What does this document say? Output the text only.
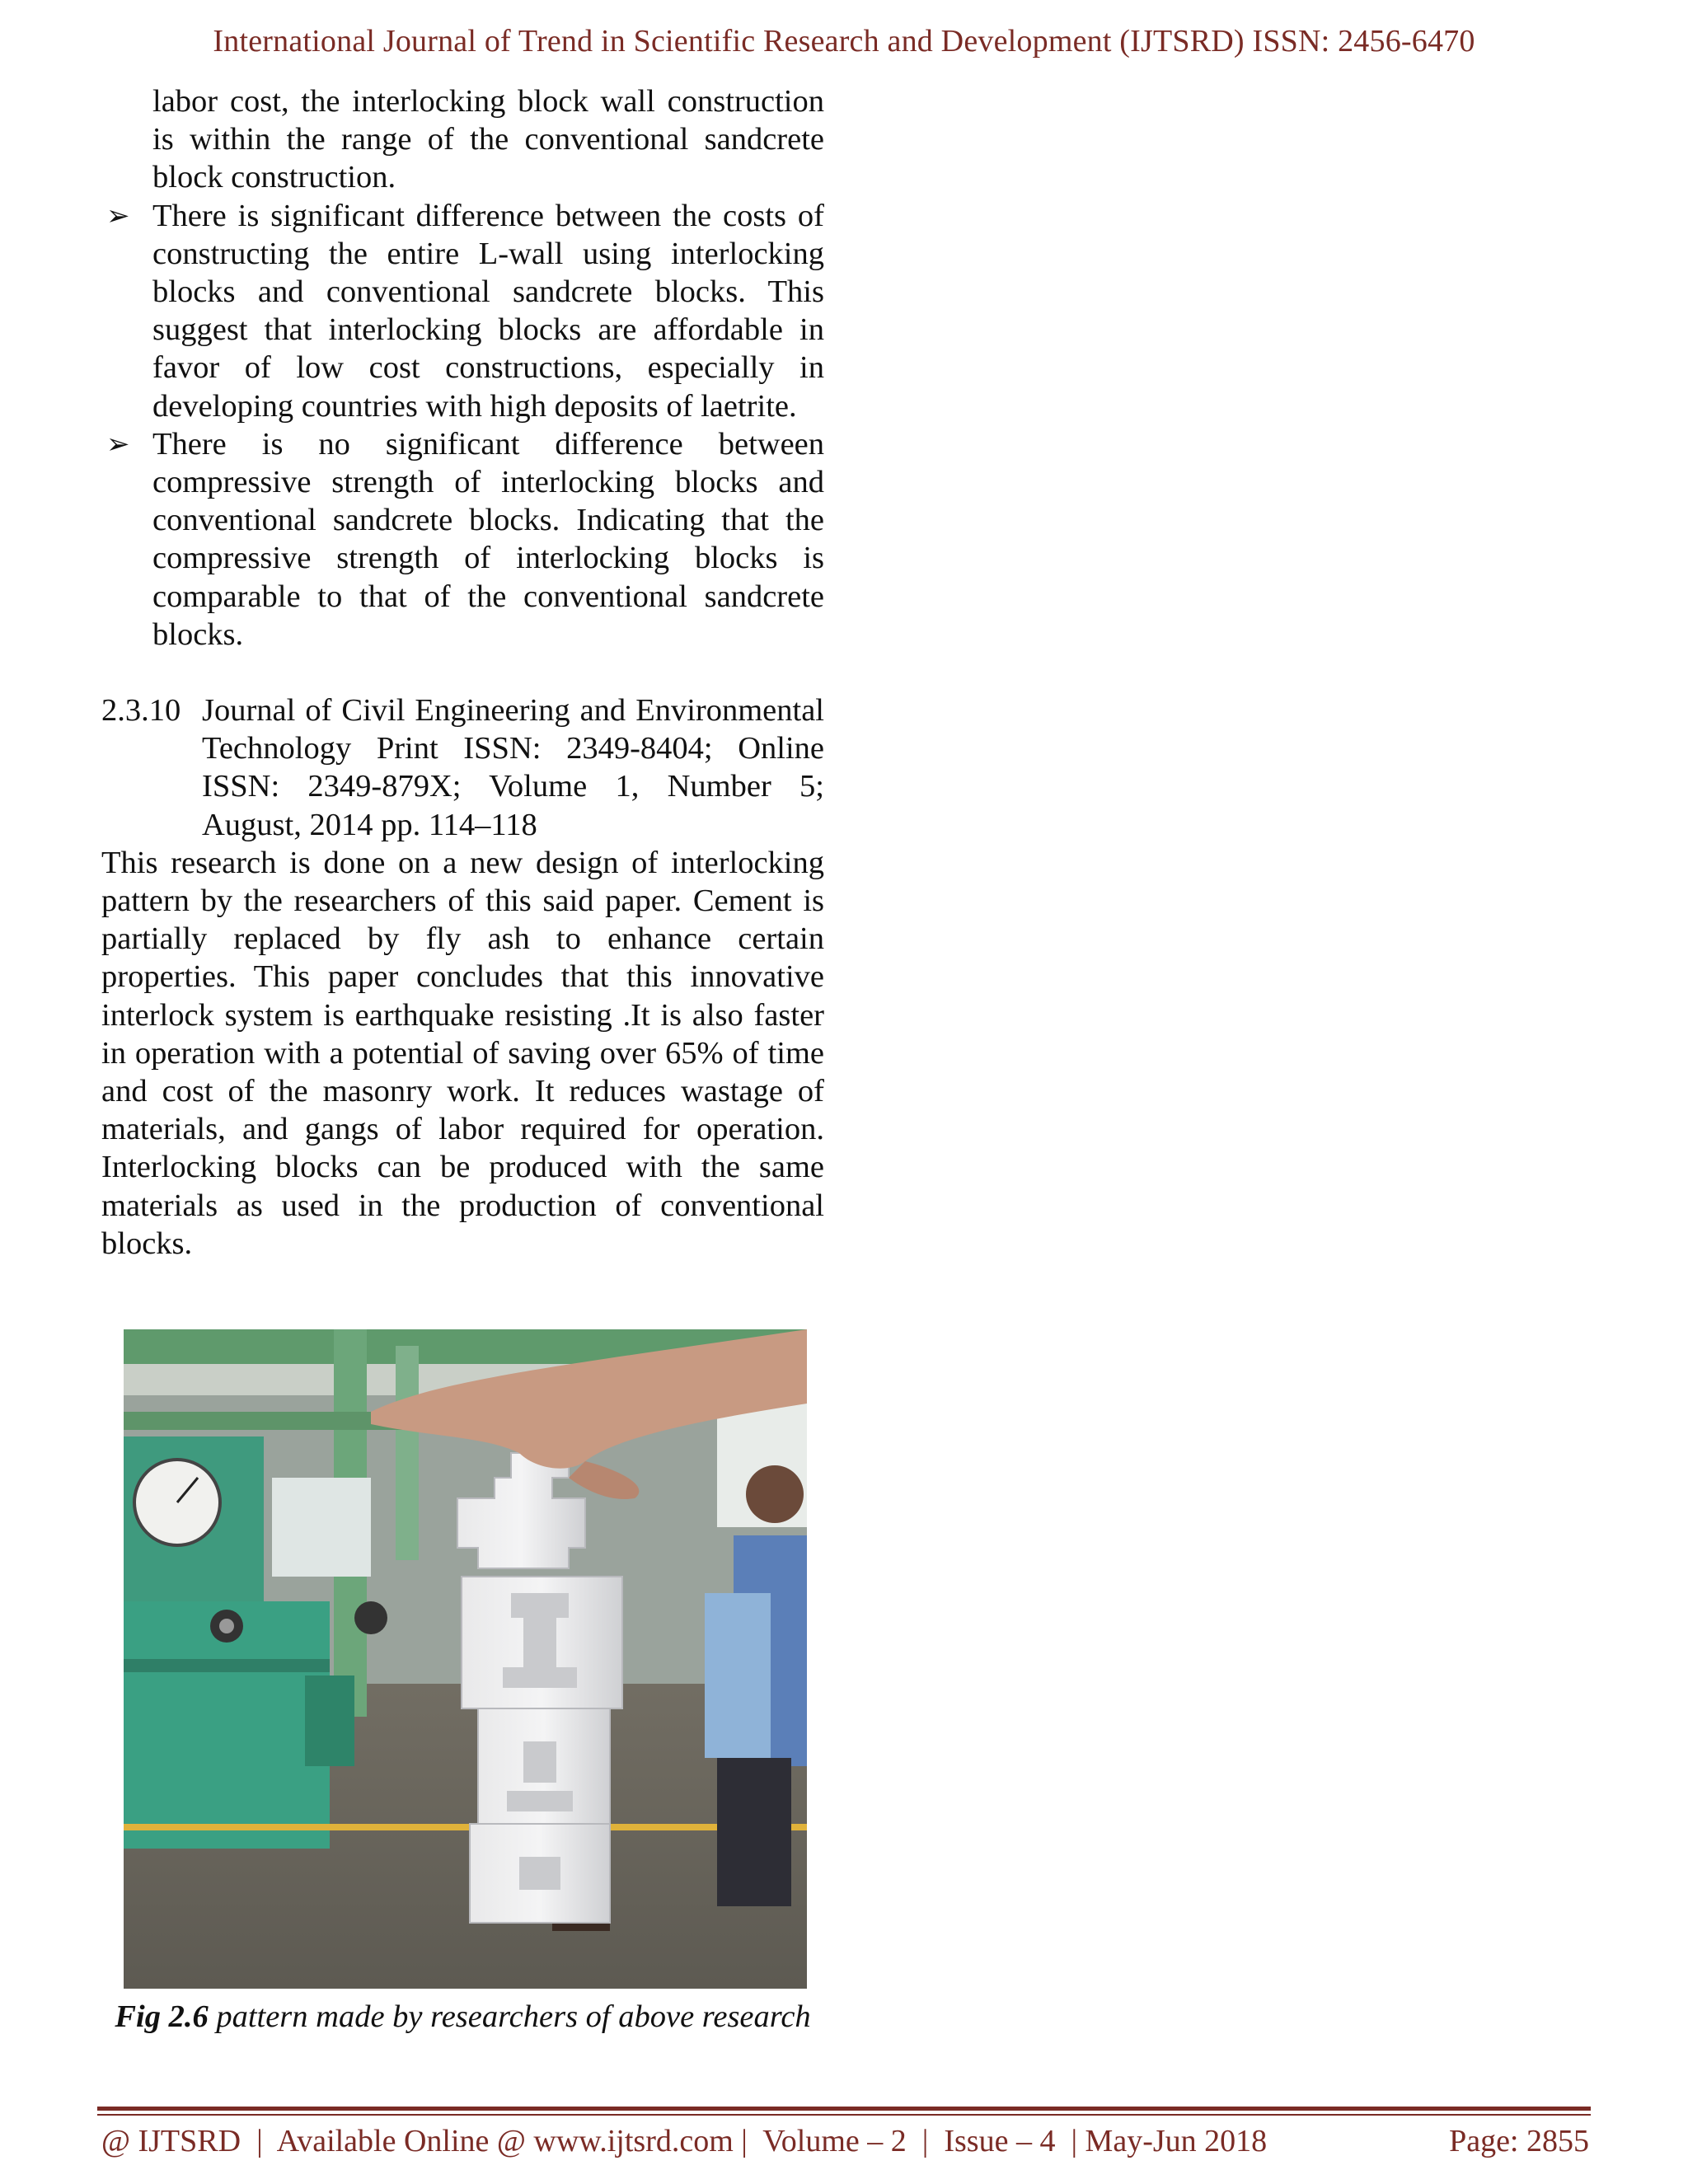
International Journal of Trend in Scientific Research and Development (IJTSRD) ISSN: 2456-6470
labor cost, the interlocking block wall construction is within the range of the conventional sandcrete block construction.
➢ There is significant difference between the costs of constructing the entire L-wall using interlocking blocks and conventional sandcrete blocks. This suggest that interlocking blocks are affordable in favor of low cost constructions, especially in developing countries with high deposits of laetrite.
➢ There is no significant difference between compressive strength of interlocking blocks and conventional sandcrete blocks. Indicating that the compressive strength of interlocking blocks is comparable to that of the conventional sandcrete blocks.
2.3.10 Journal of Civil Engineering and Environmental Technology Print ISSN: 2349-8404; Online ISSN: 2349-879X; Volume 1, Number 5; August, 2014 pp. 114–118
This research is done on a new design of interlocking pattern by the researchers of this said paper. Cement is partially replaced by fly ash to enhance certain properties. This paper concludes that this innovative interlock system is earthquake resisting .It is also faster in operation with a potential of saving over 65% of time and cost of the masonry work. It reduces wastage of materials, and gangs of labor required for operation. Interlocking blocks can be produced with the same materials as used in the production of conventional blocks.
Fig 2.6 pattern made by researchers of above research
@ IJTSRD  |  Available Online @ www.ijtsrd.com |  Volume – 2  |  Issue – 4  | May-Jun 2018	Page: 2855
